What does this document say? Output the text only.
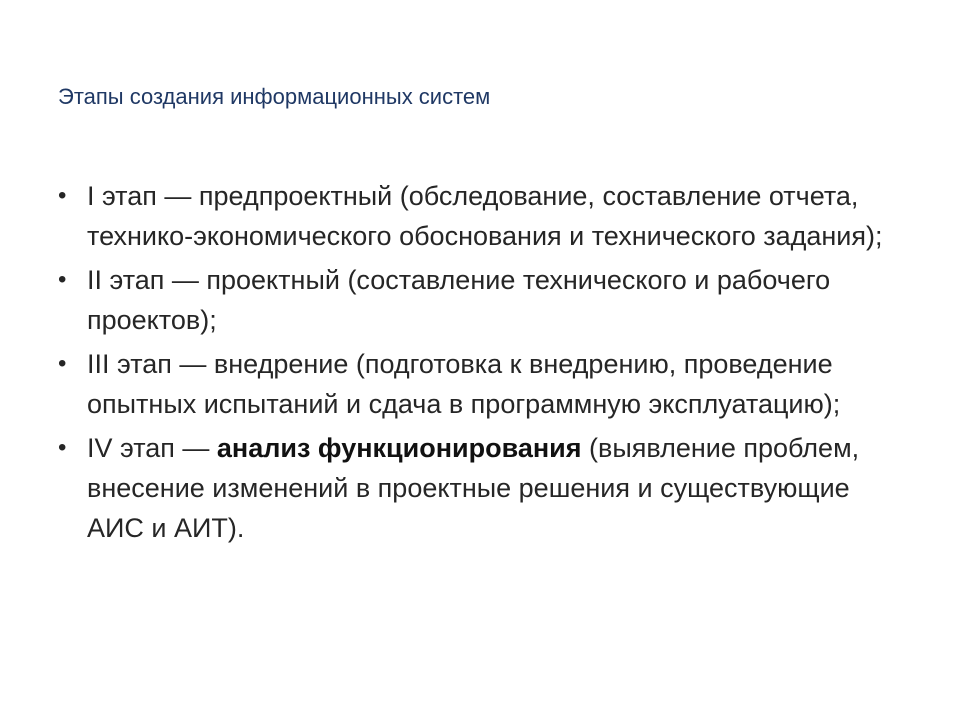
Этапы создания информационных систем
• I этап — предпроектный (обследование, составление отчета, технико-экономического обоснования и технического задания);
• II этап — проектный (составление технического и рабочего проектов);
• III этап — внедрение (подготовка к внедрению, проведение опытных испытаний и сдача в программную эксплуатацию);
• IV этап — анализ функционирования (выявление проблем, внесение изменений в проектные решения и существующие АИС и АИТ).
